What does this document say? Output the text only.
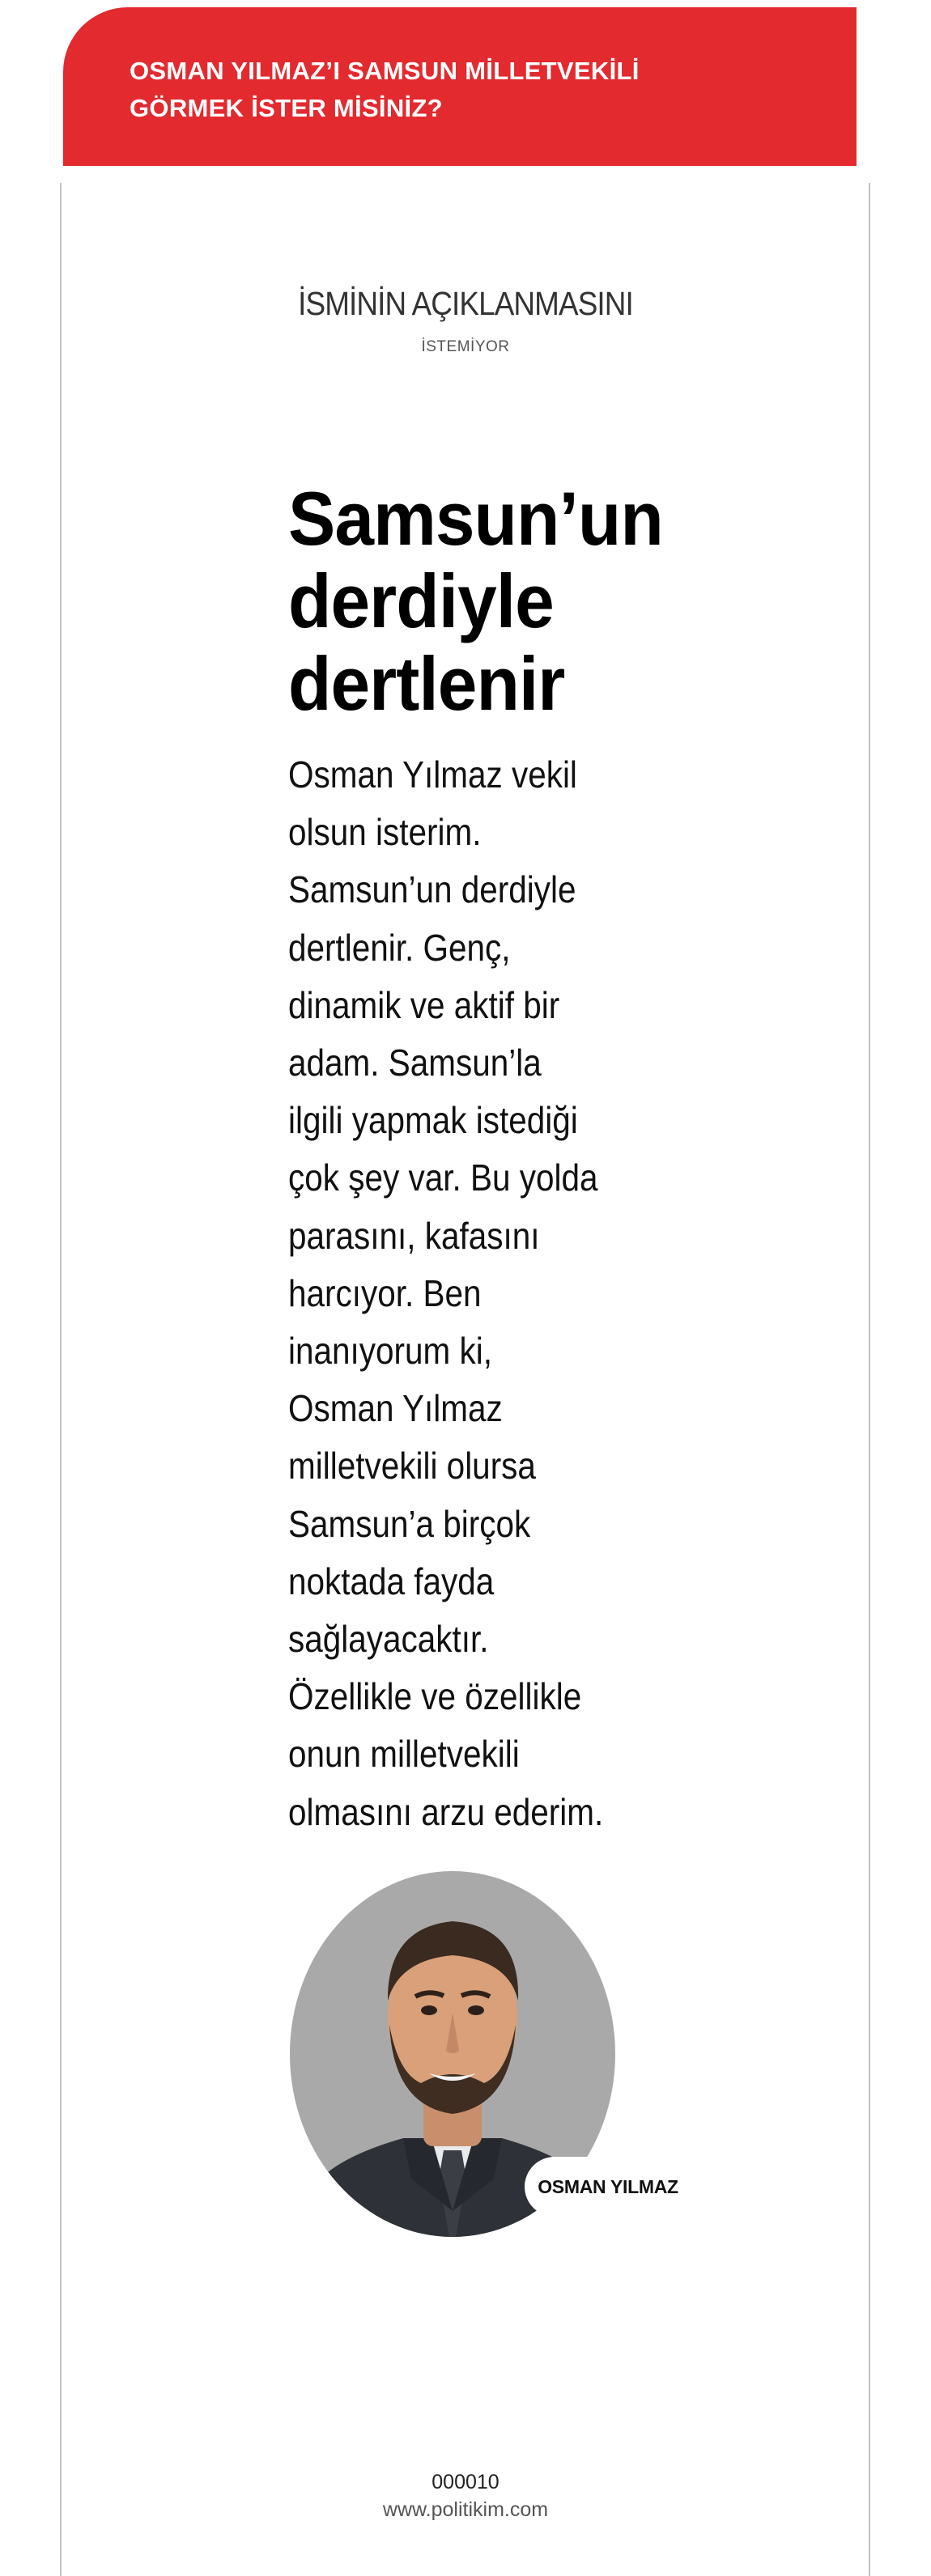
OSMAN YILMAZ’I SAMSUN MİLLETVEKİLİ
GÖRMEK İSTER MİSİNİZ?
İSMİNİN AÇIKLANMASINI
İSTEMİYOR
Samsun’un
derdiyle
dertlenir
Osman Yılmaz vekil
olsun isterim.
Samsun’un derdiyle
dertlenir. Genç,
dinamik ve aktif bir
adam. Samsun’la
ilgili yapmak istediği
çok şey var. Bu yolda
parasını, kafasını
harcıyor. Ben
inanıyorum ki,
Osman Yılmaz
milletvekili olursa
Samsun’a birçok
noktada fayda
sağlayacaktır.
Özellikle ve özellikle
onun milletvekili
olmasını arzu ederim.
OSMAN YILMAZ
000010
www.politikim.com
